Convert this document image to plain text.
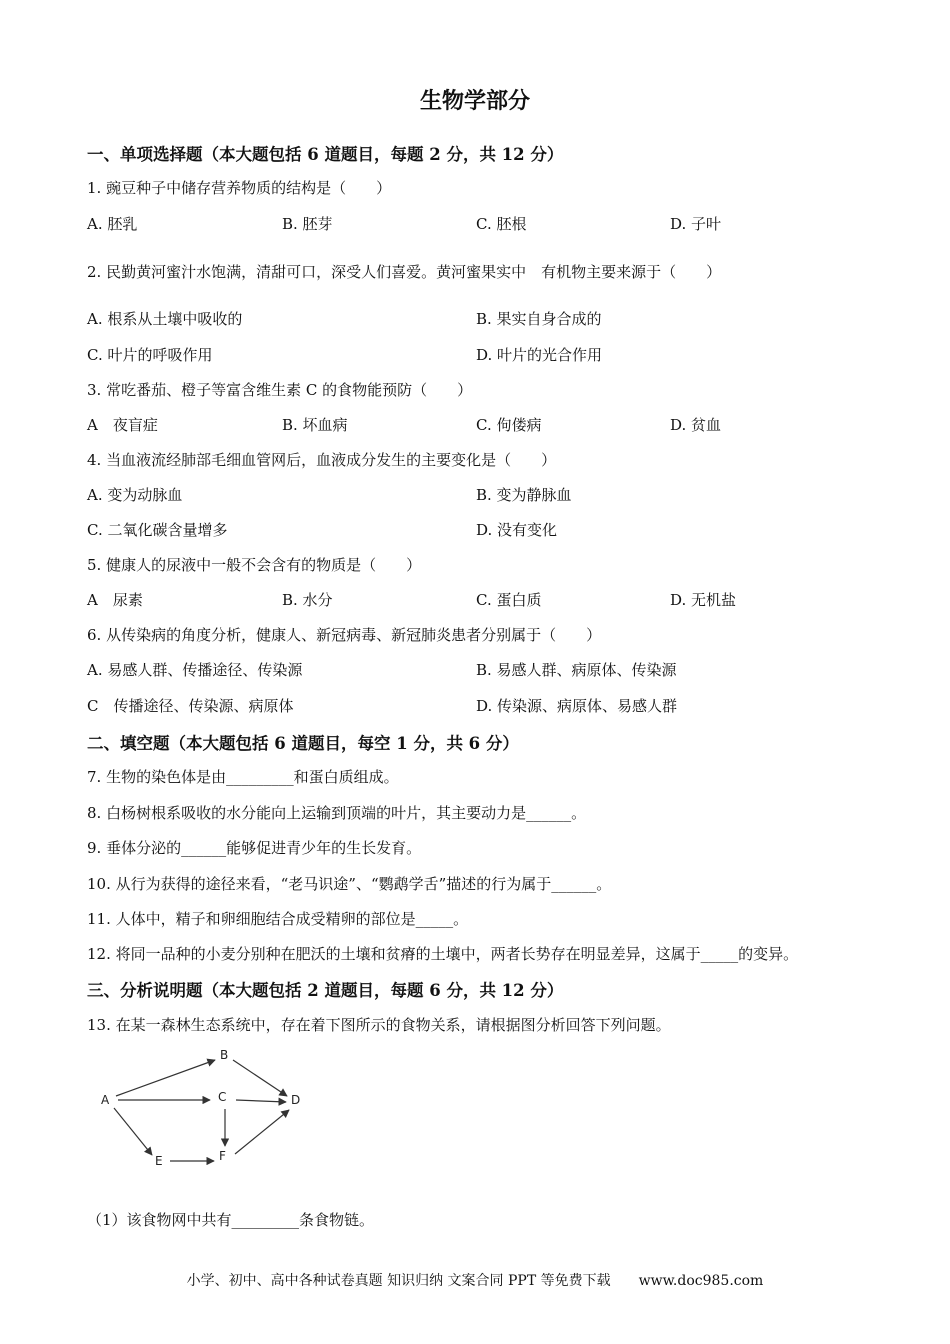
生物学部分
一、单项选择题（本大题包括 6 道题目，每题 2 分，共 12 分）
1. 豌豆种子中储存营养物质的结构是（　　）
A. 胚乳	B. 胚芽	C. 胚根	D. 子叶
2. 民勤黄河蜜汁水饱满，清甜可口，深受人们喜爱。黄河蜜果实中　有机物主要来源于（　　）
A. 根系从土壤中吸收的	B. 果实自身合成的
C. 叶片的呼吸作用	D. 叶片的光合作用
3. 常吃番茄、橙子等富含维生素 C 的食物能预防（　　）
A　夜盲症	B. 坏血病	C. 佝偻病	D. 贫血
4. 当血液流经肺部毛细血管网后，血液成分发生的主要变化是（　　）
A. 变为动脉血	B. 变为静脉血
C. 二氧化碳含量增多	D. 没有变化
5. 健康人的尿液中一般不会含有的物质是（　　）
A　尿素	B. 水分	C. 蛋白质	D. 无机盐
6. 从传染病的角度分析，健康人、新冠病毒、新冠肺炎患者分别属于（　　）
A. 易感人群、传播途径、传染源	B. 易感人群、病原体、传染源
C　传播途径、传染源、病原体	D. 传染源、病原体、易感人群
二、填空题（本大题包括 6 道题目，每空 1 分，共 6 分）
7. 生物的染色体是由_________和蛋白质组成。
8. 白杨树根系吸收的水分能向上运输到顶端的叶片，其主要动力是______。
9. 垂体分泌的______能够促进青少年的生长发育。
10. 从行为获得的途径来看，“老马识途”、“鹦鹉学舌”描述的行为属于______。
11. 人体中，精子和卵细胞结合成受精卵的部位是_____。
12. 将同一品种的小麦分别种在肥沃的土壤和贫瘠的土壤中，两者长势存在明显差异，这属于_____的变异。
三、分析说明题（本大题包括 2 道题目，每题 6 分，共 12 分）
13. 在某一森林生态系统中，存在着下图所示的食物关系，请根据图分析回答下列问题。
A
B
C	D
E	F
（1）该食物网中共有_________条食物链。
小学、初中、高中各种试卷真题 知识归纳 文案合同 PPT 等免费下载　　www.doc985.com
